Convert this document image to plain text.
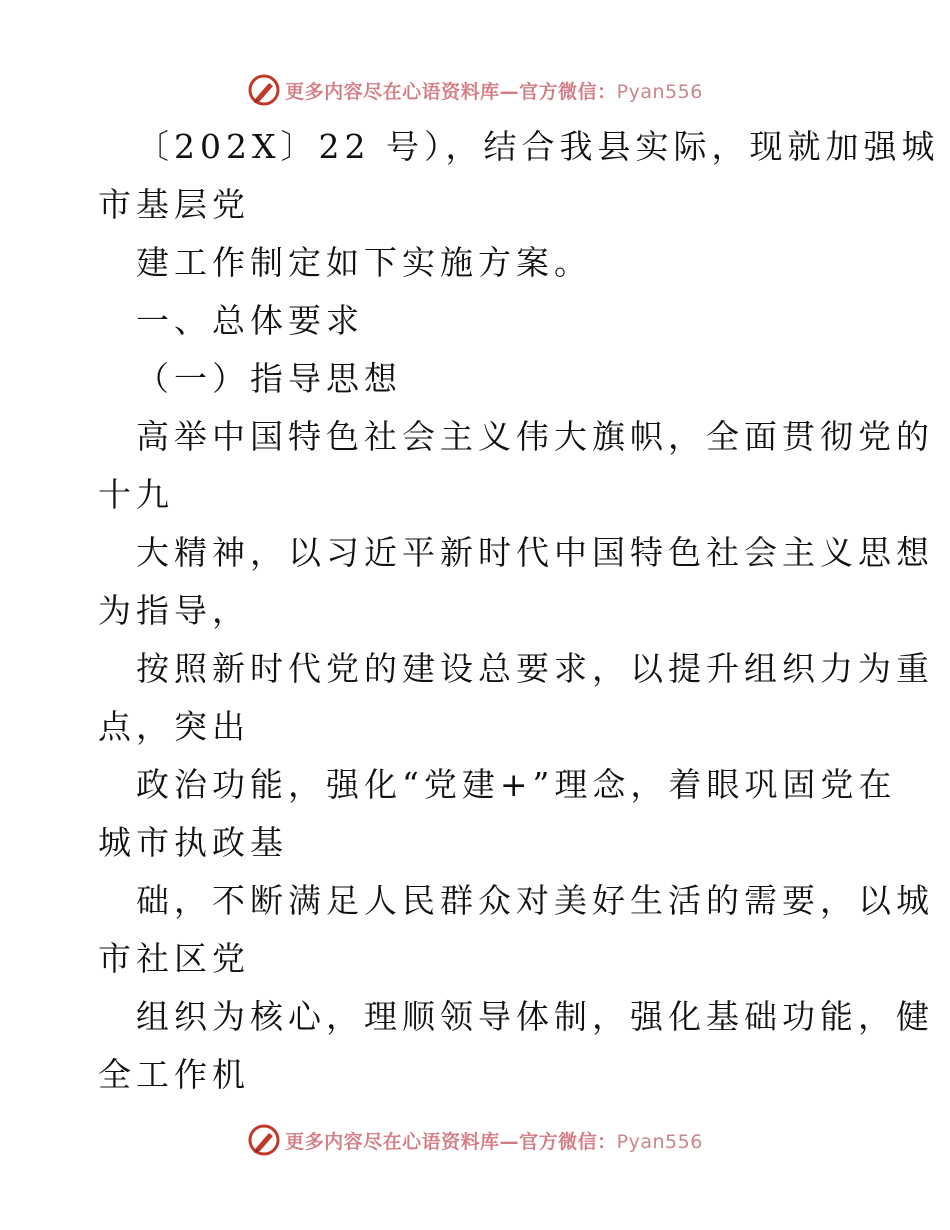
更多内容尽在心语资料库—官方微信：Pyan556
〔202X〕22 号），结合我县实际，现就加强城
市基层党
建工作制定如下实施方案。
一、总体要求
（一）指导思想
高举中国特色社会主义伟大旗帜，全面贯彻党的
十九
大精神，以习近平新时代中国特色社会主义思想
为指导，
按照新时代党的建设总要求，以提升组织力为重
点，突出
政治功能，强化“党建+”理念，着眼巩固党在
城市执政基
础，不断满足人民群众对美好生活的需要，以城
市社区党
组织为核心，理顺领导体制，强化基础功能，健
全工作机
更多内容尽在心语资料库—官方微信：Pyan556
